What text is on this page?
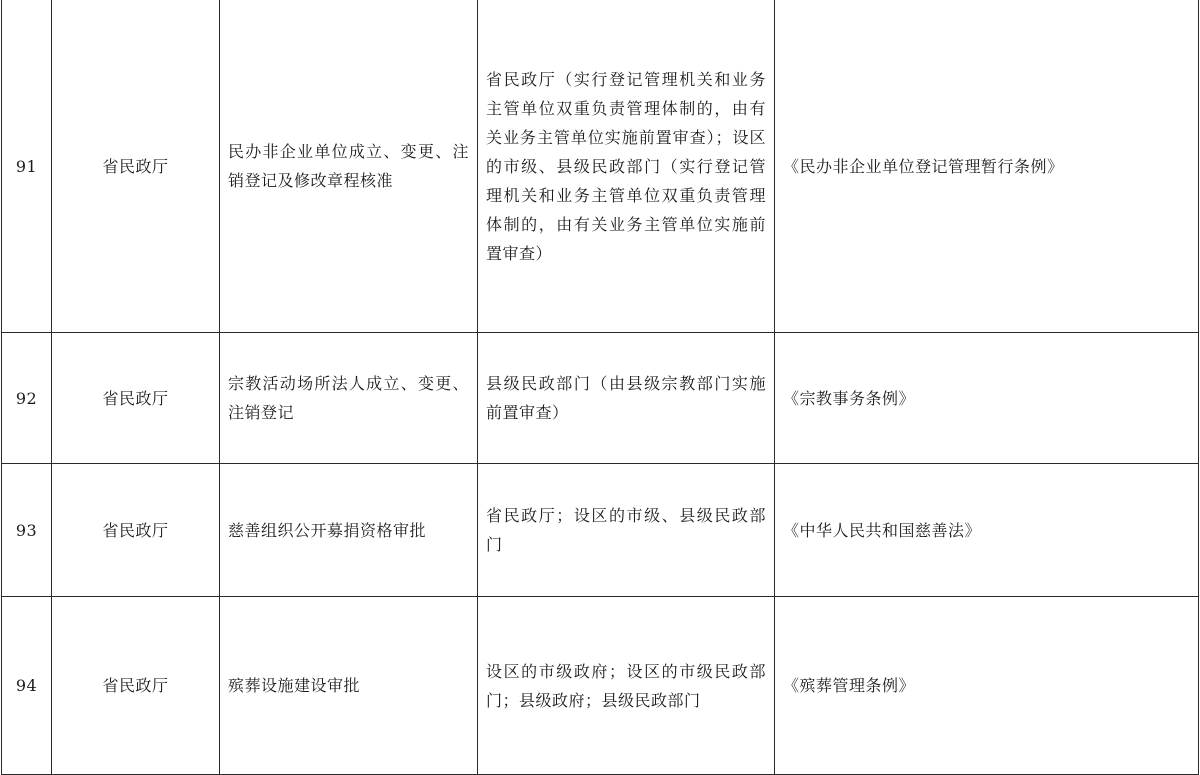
91	省民政厅	民办非企业单位成立、变更、注销登记及修改章程核准	省民政厅（实行登记管理机关和业务主管单位双重负责管理体制的，由有关业务主管单位实施前置审查）；设区的市级、县级民政部门（实行登记管理机关和业务主管单位双重负责管理体制的，由有关业务主管单位实施前置审查）	《民办非企业单位登记管理暂行条例》
92	省民政厅	宗教活动场所法人成立、变更、注销登记	县级民政部门（由县级宗教部门实施前置审查）	《宗教事务条例》
93	省民政厅	慈善组织公开募捐资格审批	省民政厅；设区的市级、县级民政部门	《中华人民共和国慈善法》
94	省民政厅	殡葬设施建设审批	设区的市级政府；设区的市级民政部门；县级政府；县级民政部门	《殡葬管理条例》
